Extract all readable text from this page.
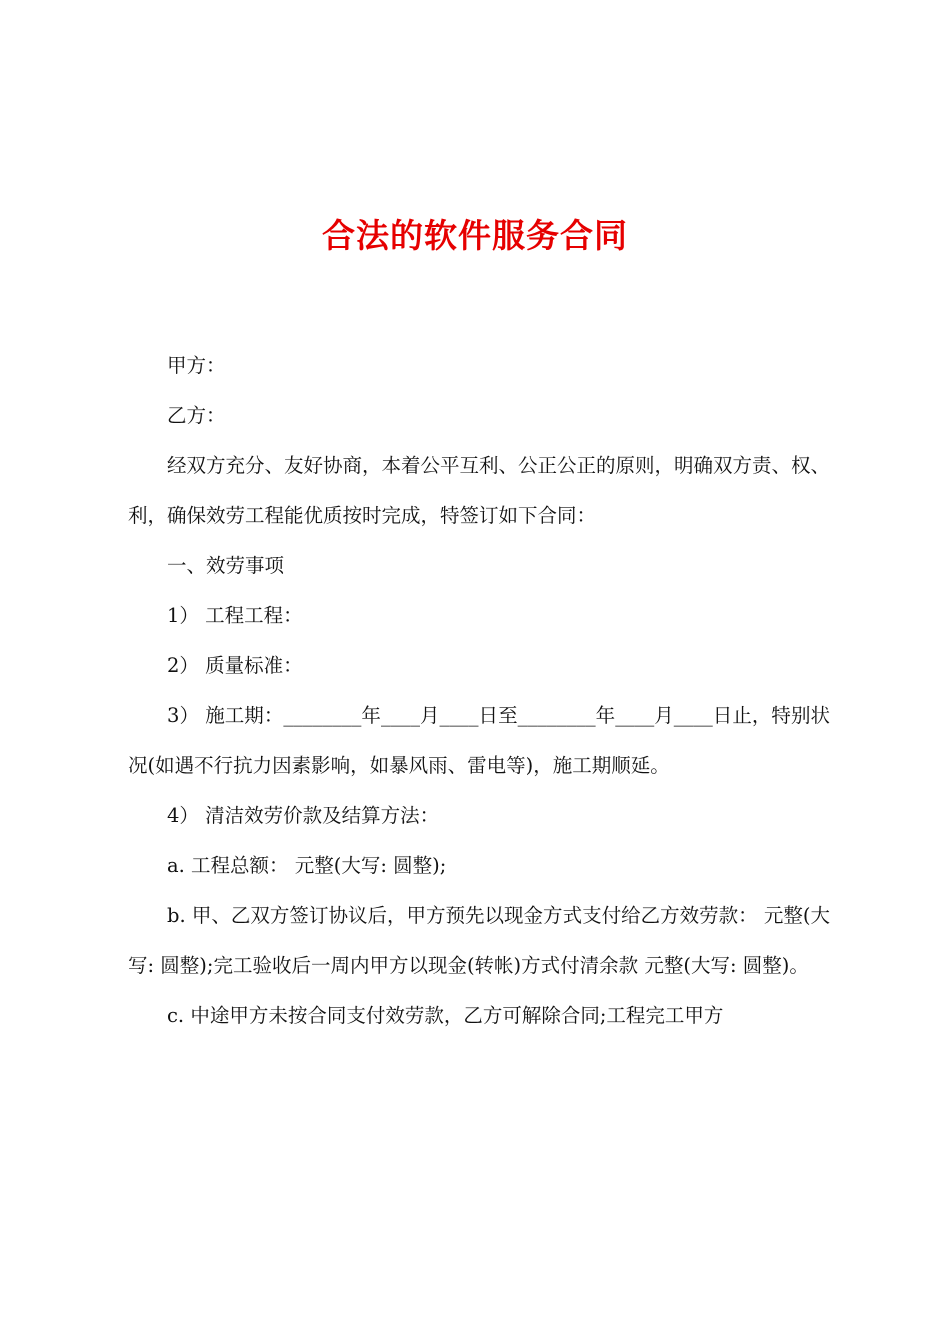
合法的软件服务合同

甲方：

乙方：

经双方充分、友好协商，本着公平互利、公正公正的原则，明确双方责、权、利，确保效劳工程能优质按时完成，特签订如下合同：

一、效劳事项

1） 工程工程：

2） 质量标准：

3） 施工期：________年____月____日至________年____月____日止，特别状况(如遇不行抗力因素影响，如暴风雨、雷电等)，施工期顺延。

4） 清洁效劳价款及结算方法：

a. 工程总额： 元整(大写: 圆整);

b. 甲、乙双方签订协议后，甲方预先以现金方式支付给乙方效劳款： 元整(大写: 圆整);完工验收后一周内甲方以现金(转帐)方式付清余款 元整(大写: 圆整)。

c. 中途甲方未按合同支付效劳款，乙方可解除合同;工程完工甲方
